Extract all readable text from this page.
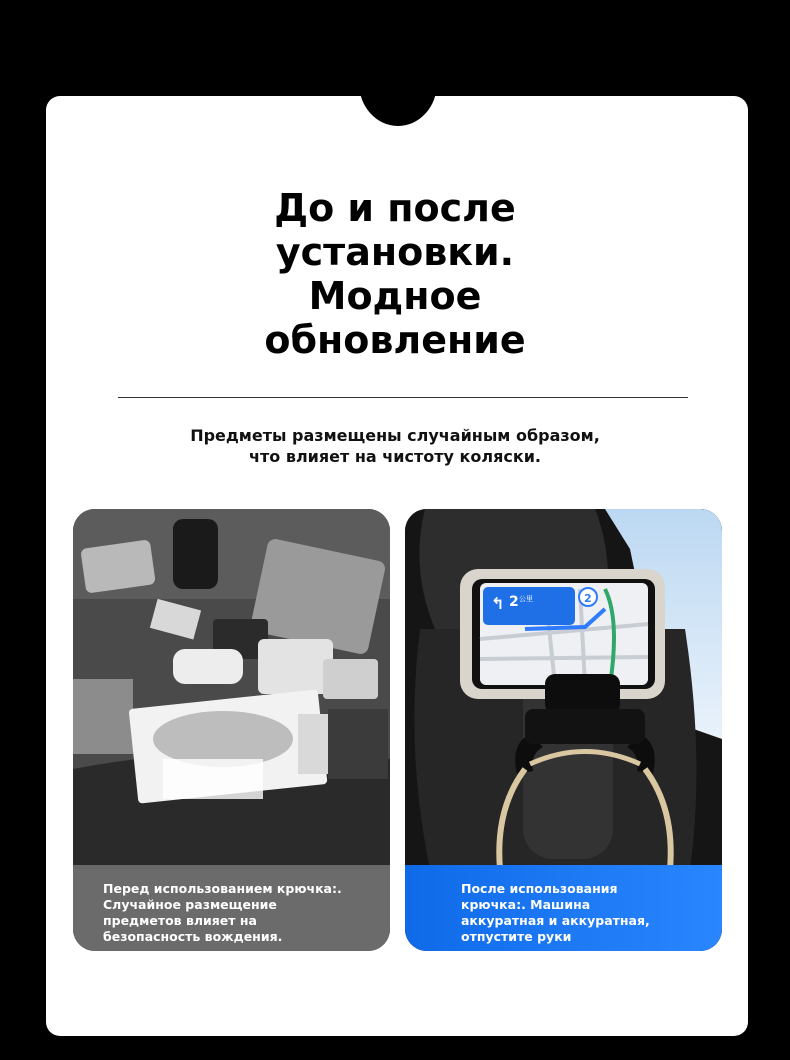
До и после
установки.
Модное
обновление

Предметы размещены случайным образом,
что влияет на чистоту коляски.

Перед использованием крючка:.
Случайное размещение
предметов влияет на
безопасность вождения.
↰ 2 公里	2
После использования
крючка:. Машина
аккуратная и аккуратная,
отпустите руки
